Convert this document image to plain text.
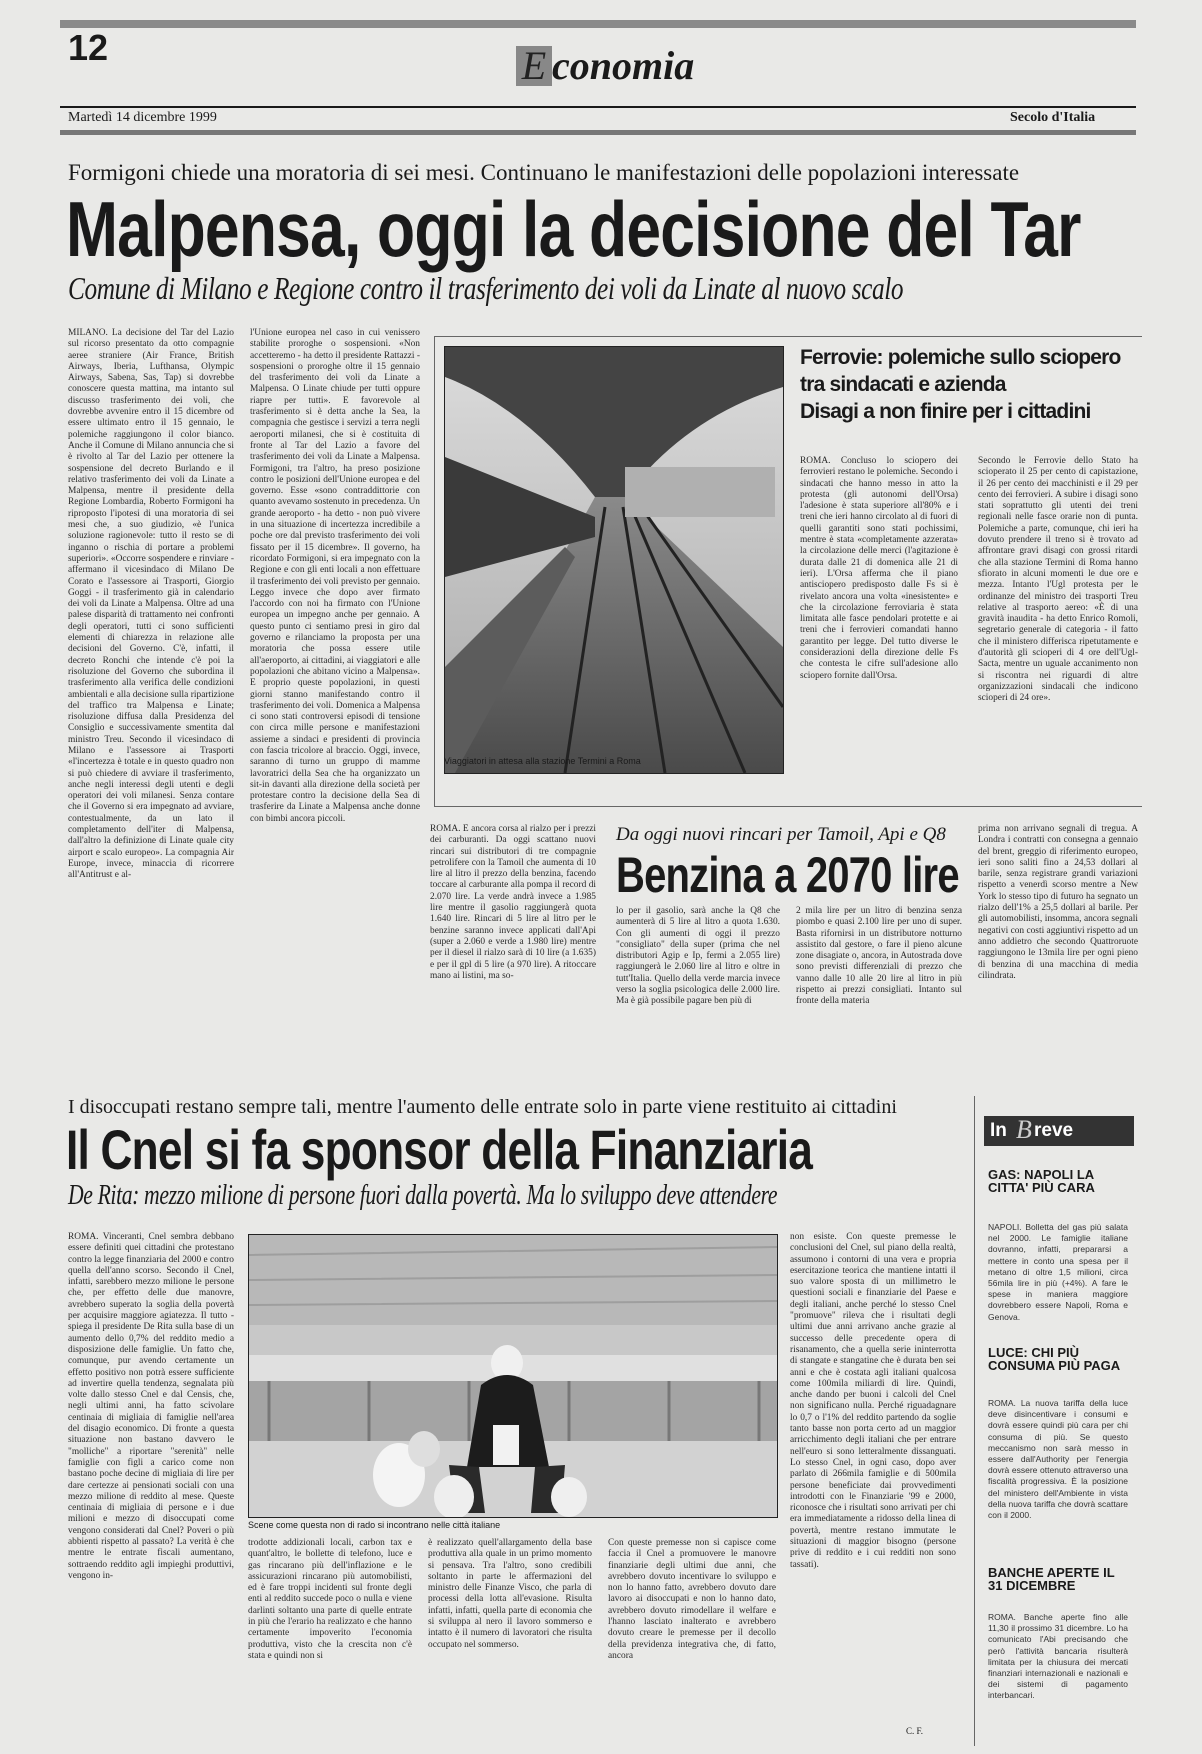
12	E conomia
Martedì 14 dicembre 1999	Secolo d'Italia
Formigoni chiede una moratoria di sei mesi. Continuano le manifestazioni delle popolazioni interessate
Malpensa, oggi la decisione del Tar
Comune di Milano e Regione contro il trasferimento dei voli da Linate al nuovo scalo
MILANO. La decisione del Tar del Lazio sul ricorso presentato da otto compagnie aeree straniere (Air France, British Airways, Iberia, Lufthansa, Olympic Airways, Sabena, Sas, Tap) si dovrebbe conoscere questa mattina, ma intanto sul discusso trasferimento dei voli, che dovrebbe avvenire entro il 15 dicembre od essere ultimato entro il 15 gennaio, le polemiche raggiungono il color bianco. Anche il Comune di Milano annuncia che si è rivolto al Tar del Lazio per ottenere la sospensione del decreto Burlando e il relativo trasferimento dei voli da Linate a Malpensa, mentre il presidente della Regione Lombardia, Roberto Formigoni ha riproposto l'ipotesi di una moratoria di sei mesi che, a suo giudizio, «è l'unica soluzione ragionevole: tutto il resto se di inganno o rischia di portare a problemi superiori». «Occorre sospendere e rinviare - affermano il vicesindaco di Milano De Corato e l'assessore ai Trasporti, Giorgio Goggi - il trasferimento già in calendario dei voli da Linate a Malpensa. Oltre ad una palese disparità di trattamento nei confronti degli operatori, tutti ci sono sufficienti elementi di chiarezza in relazione alle decisioni del Governo. C'è, infatti, il decreto Ronchi che intende c'è poi la risoluzione del Governo che subordina il trasferimento alla verifica delle condizioni ambientali e alla decisione sulla ripartizione del traffico tra Malpensa e Linate; risoluzione diffusa dalla Presidenza del Consiglio e successivamente smentita dal ministro Treu. Secondo il vicesindaco di Milano e l'assessore ai Trasporti «l'incertezza è totale e in questo quadro non si può chiedere di avviare il trasferimento, anche negli interessi degli utenti e degli operatori dei voli milanesi. Senza contare che il Governo si era impegnato ad avviare, contestualmente, da un lato il completamento dell'iter di Malpensa, dall'altro la definizione di Linate quale city airport e scalo europeo». La compagnia Air Europe, invece, minaccia di ricorrere all'Antitrust e al-
l'Unione europea nel caso in cui venissero stabilite proroghe o sospensioni. «Non accetteremo - ha detto il presidente Rattazzi - sospensioni o proroghe oltre il 15 gennaio del trasferimento dei voli da Linate a Malpensa. O Linate chiude per tutti oppure riapre per tutti». E favorevole al trasferimento si è detta anche la Sea, la compagnia che gestisce i servizi a terra negli aeroporti milanesi, che si è costituita di fronte al Tar del Lazio a favore del trasferimento dei voli da Linate a Malpensa. Formigoni, tra l'altro, ha preso posizione contro le posizioni dell'Unione europea e del governo. Esse «sono contraddittorie con quanto avevamo sostenuto in precedenza. Un grande aeroporto - ha detto - non può vivere in una situazione di incertezza incredibile a poche ore dal previsto trasferimento dei voli fissato per il 15 dicembre». Il governo, ha ricordato Formigoni, si era impegnato con la Regione e con gli enti locali a non effettuare il trasferimento dei voli previsto per gennaio. Leggo invece che dopo aver firmato l'accordo con noi ha firmato con l'Unione europea un impegno anche per gennaio. A questo punto ci sentiamo presi in giro dal governo e rilanciamo la proposta per una moratoria che possa essere utile all'aeroporto, ai cittadini, ai viaggiatori e alle popolazioni che abitano vicino a Malpensa». E proprio queste popolazioni, in questi giorni stanno manifestando contro il trasferimento dei voli. Domenica a Malpensa ci sono stati controversi episodi di tensione con circa mille persone e manifestazioni assieme a sindaci e presidenti di provincia con fascia tricolore al braccio. Oggi, invece, saranno di turno un gruppo di mamme lavoratrici della Sea che ha organizzato un sit-in davanti alla direzione della società per protestare contro la decisione della Sea di trasferire da Linate a Malpensa anche donne con bimbi ancora piccoli.
Viaggiatori in attesa alla stazione Termini a Roma
Ferrovie: polemiche sullo sciopero
tra sindacati e azienda
Disagi a non finire per i cittadini
ROMA. Concluso lo sciopero dei ferrovieri restano le polemiche. Secondo i sindacati che hanno messo in atto la protesta (gli autonomi dell'Orsa) l'adesione è stata superiore all'80% e i treni che ieri hanno circolato al di fuori di quelli garantiti sono stati pochissimi, mentre è stata «completamente azzerata» la circolazione delle merci (l'agitazione è durata dalle 21 di domenica alle 21 di ieri). L'Orsa afferma che il piano antisciopero predisposto dalle Fs si è rivelato ancora una volta «inesistente» e che la circolazione ferroviaria è stata limitata alle fasce pendolari protette e ai treni che i ferrovieri comandati hanno garantito per legge. Del tutto diverse le considerazioni della direzione delle Fs che contesta le cifre sull'adesione allo sciopero fornite dall'Orsa.
Secondo le Ferrovie dello Stato ha scioperato il 25 per cento di capistazione, il 26 per cento dei macchinisti e il 29 per cento dei ferrovieri. A subire i disagi sono stati soprattutto gli utenti dei treni regionali nelle fasce orarie non di punta. Polemiche a parte, comunque, chi ieri ha dovuto prendere il treno si è trovato ad affrontare gravi disagi con grossi ritardi che alla stazione Termini di Roma hanno sfiorato in alcuni momenti le due ore e mezza. Intanto l'Ugl protesta per le ordinanze del ministro dei trasporti Treu relative al trasporto aereo: «È di una gravità inaudita - ha detto Enrico Romoli, segretario generale di categoria - il fatto che il ministero differisca ripetutamente e d'autorità gli scioperi di 4 ore dell'Ugl-Sacta, mentre un uguale accanimento non si riscontra nei riguardi di altre organizzazioni sindacali che indicono scioperi di 24 ore».
ROMA. È ancora corsa al rialzo per i prezzi dei carburanti. Da oggi scattano nuovi rincari sui distributori di tre compagnie petrolifere con la Tamoil che aumenta di 10 lire al litro il prezzo della benzina, facendo toccare al carburante alla pompa il record di 2.070 lire. La verde andrà invece a 1.985 lire mentre il gasolio raggiungerà quota 1.640 lire. Rincari di 5 lire al litro per le benzine saranno invece applicati dall'Api (super a 2.060 e verde a 1.980 lire) mentre per il diesel il rialzo sarà di 10 lire (a 1.635) e per il gpl di 5 lire (a 970 lire). A ritoccare mano ai listini, ma so-
Da oggi nuovi rincari per Tamoil, Api e Q8
Benzina a 2070 lire
lo per il gasolio, sarà anche la Q8 che aumenterà di 5 lire al litro a quota 1.630. Con gli aumenti di oggi il prezzo "consigliato" della super (prima che nel distributori Agip e Ip, fermi a 2.055 lire) raggiungerà le 2.060 lire al litro e oltre in tutt'Italia. Quello della verde marcia invece verso la soglia psicologica delle 2.000 lire. Ma è già possibile pagare ben più di
2 mila lire per un litro di benzina senza piombo e quasi 2.100 lire per uno di super. Basta rifornirsi in un distributore notturno assistito dal gestore, o fare il pieno alcune zone disagiate o, ancora, in Autostrada dove sono previsti differenziali di prezzo che vanno dalle 10 alle 20 lire al litro in più rispetto ai prezzi consigliati. Intanto sul fronte della materia
prima non arrivano segnali di tregua. A Londra i contratti con consegna a gennaio del brent, greggio di riferimento europeo, ieri sono saliti fino a 24,53 dollari al barile, senza registrare grandi variazioni rispetto a venerdì scorso mentre a New York lo stesso tipo di futuro ha segnato un rialzo dell'1% a 25,5 dollari al barile. Per gli automobilisti, insomma, ancora segnali negativi con costi aggiuntivi rispetto ad un anno addietro che secondo Quattroruote raggiungono le 13mila lire per ogni pieno di benzina di una macchina di media cilindrata.
I disoccupati restano sempre tali, mentre l'aumento delle entrate solo in parte viene restituito ai cittadini
Il Cnel si fa sponsor della Finanziaria
De Rita: mezzo milione di persone fuori dalla povertà. Ma lo sviluppo deve attendere
ROMA. Vinceranti, Cnel sembra debbano essere definiti quei cittadini che protestano contro la legge finanziaria del 2000 e contro quella dell'anno scorso. Secondo il Cnel, infatti, sarebbero mezzo milione le persone che, per effetto delle due manovre, avrebbero superato la soglia della povertà per acquisire maggiore agiatezza. Il tutto - spiega il presidente De Rita sulla base di un aumento dello 0,7% del reddito medio a disposizione delle famiglie. Un fatto che, comunque, pur avendo certamente un effetto positivo non potrà essere sufficiente ad invertire quella tendenza, segnalata più volte dallo stesso Cnel e dal Censis, che, negli ultimi anni, ha fatto scivolare centinaia di migliaia di famiglie nell'area del disagio economico. Di fronte a questa situazione non bastano davvero le "molliche" a riportare "serenità" nelle famiglie con figli a carico come non bastano poche decine di migliaia di lire per dare certezze ai pensionati sociali con una mezzo milione di reddito al mese. Queste centinaia di migliaia di persone e i due milioni e mezzo di disoccupati come vengono considerati dal Cnel? Poveri o più abbienti rispetto al passato? La verità è che mentre le entrate fiscali aumentano, sottraendo reddito agli impieghi produttivi, vengono in-
Scene come questa non di rado si incontrano nelle città italiane
non esiste. Con queste premesse le conclusioni del Cnel, sul piano della realtà, assumono i contorni di una vera e propria esercitazione teorica che mantiene intatti il suo valore sposta di un millimetro le questioni sociali e finanziarie del Paese e degli italiani, anche perché lo stesso Cnel "promuove" rileva che i risultati degli ultimi due anni arrivano anche grazie al successo delle precedente opera di risanamento, che a quella serie ininterrotta di stangate e stangatine che è durata ben sei anni e che è costata agli italiani qualcosa come 100mila miliardi di lire. Quindi, anche dando per buoni i calcoli del Cnel non significano nulla. Perché riguadagnare lo 0,7 o l'1% del reddito partendo da soglie tanto basse non porta certo ad un maggior arricchimento degli italiani che per entrare nell'euro si sono letteralmente dissanguati. Lo stesso Cnel, in ogni caso, dopo aver parlato di 266mila famiglie e di 500mila persone beneficiate dai provvedimenti introdotti con le Finanziarie '99 e 2000, riconosce che i risultati sono arrivati per chi era immediatamente a ridosso della linea di povertà, mentre restano immutate le situazioni di maggior bisogno (persone prive di reddito e i cui redditi non sono tassati).
trodotte addizionali locali, carbon tax e quant'altro, le bollette di telefono, luce e gas rincarano più dell'inflazione e le assicurazioni rincarano più automobilisti, ed è fare troppi incidenti sul fronte degli enti al reddito succede poco o nulla e viene darlinti soltanto una parte di quelle entrate in più che l'erario ha realizzato e che hanno certamente impoverito l'economia produttiva, visto che la crescita non c'è stata e quindi non si
è realizzato quell'allargamento della base produttiva alla quale in un primo momento si pensava. Tra l'altro, sono credibili soltanto in parte le affermazioni del ministro delle Finanze Visco, che parla di processi della lotta all'evasione. Risulta infatti, infatti, quella parte di economia che si sviluppa al nero il lavoro sommerso e intatto è il numero di lavoratori che risulta occupato nel sommerso.
Con queste premesse non si capisce come faccia il Cnel a promuovere le manovre finanziarie degli ultimi due anni, che avrebbero dovuto incentivare lo sviluppo e non lo hanno fatto, avrebbero dovuto dare lavoro ai disoccupati e non lo hanno dato, avrebbero dovuto rimodellare il welfare e l'hanno lasciato inalterato e avrebbero dovuto creare le premesse per il decollo della previdenza integrativa che, di fatto, ancora
C. F.
In B reve
GAS: NAPOLI LA CITTA' PIÙ CARA
NAPOLI. Bolletta del gas più salata nel 2000. Le famiglie italiane dovranno, infatti, prepararsi a mettere in conto una spesa per il metano di oltre 1,5 milioni, circa 56mila lire in più (+4%). A fare le spese in maniera maggiore dovrebbero essere Napoli, Roma e Genova.
LUCE: CHI PIÙ CONSUMA PIÙ PAGA
ROMA. La nuova tariffa della luce deve disincentivare i consumi e dovrà essere quindi più cara per chi consuma di più. Se questo meccanismo non sarà messo in essere dall'Authority per l'energia dovrà essere ottenuto attraverso una fiscalità progressiva. È la posizione del ministero dell'Ambiente in vista della nuova tariffa che dovrà scattare con il 2000.
BANCHE APERTE IL 31 DICEMBRE
ROMA. Banche aperte fino alle 11,30 il prossimo 31 dicembre. Lo ha comunicato l'Abi precisando che però l'attività bancaria risulterà limitata per la chiusura dei mercati finanziari internazionali e nazionali e dei sistemi di pagamento interbancari.
